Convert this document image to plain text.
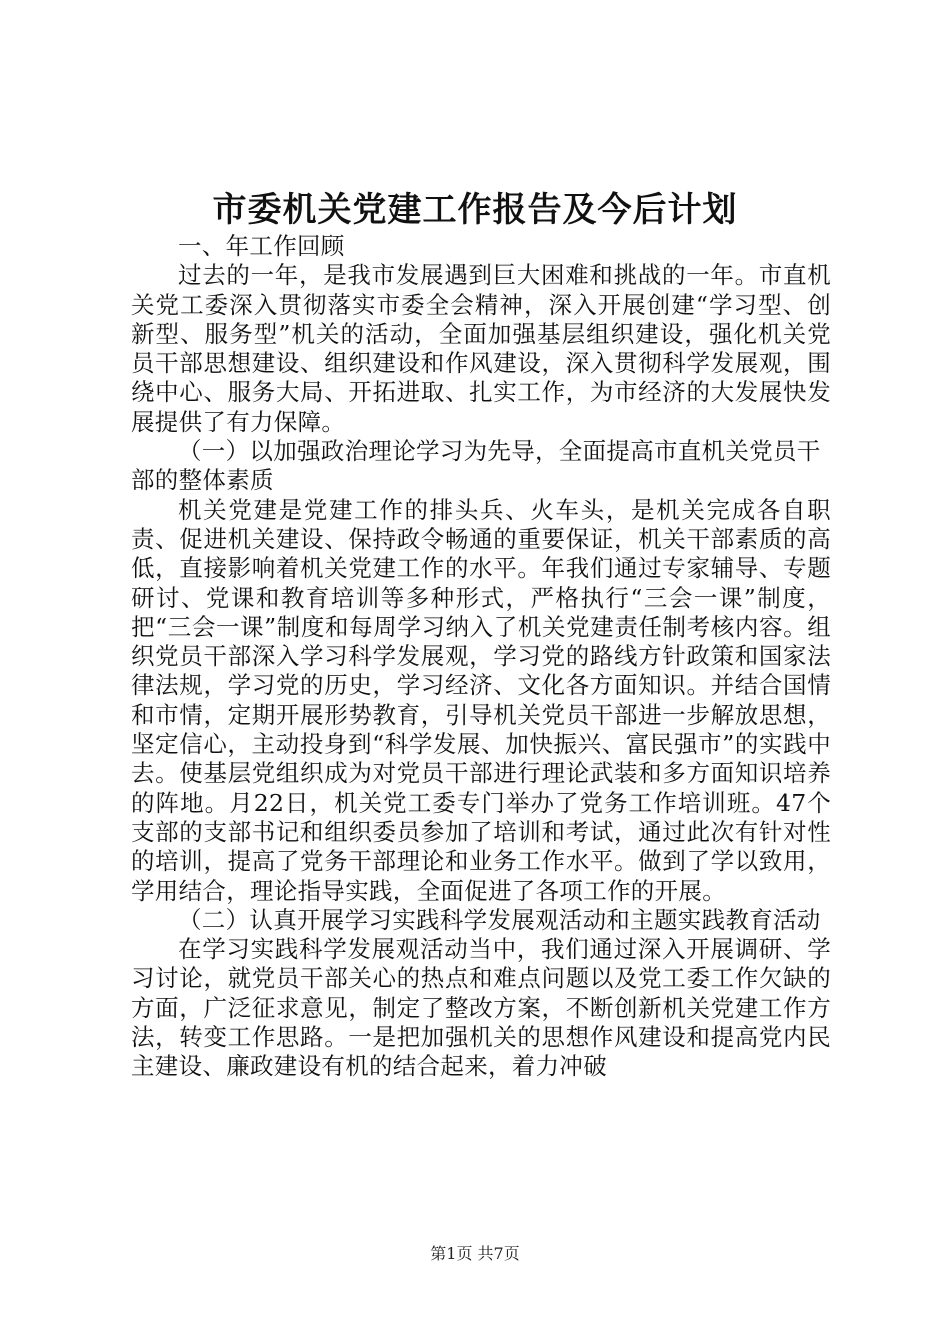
市委机关党建工作报告及今后计划

一、年工作回顾

过去的一年，是我市发展遇到巨大困难和挑战的一年。市直机关党工委深入贯彻落实市委全会精神，深入开展创建“学习型、创新型、服务型”机关的活动，全面加强基层组织建设，强化机关党员干部思想建设、组织建设和作风建设，深入贯彻科学发展观，围绕中心、服务大局、开拓进取、扎实工作，为市经济的大发展快发展提供了有力保障。

（一）以加强政治理论学习为先导，全面提高市直机关党员干部的整体素质

机关党建是党建工作的排头兵、火车头，是机关完成各自职责、促进机关建设、保持政令畅通的重要保证，机关干部素质的高低，直接影响着机关党建工作的水平。年我们通过专家辅导、专题研讨、党课和教育培训等多种形式，严格执行“三会一课”制度，把“三会一课”制度和每周学习纳入了机关党建责任制考核内容。组织党员干部深入学习科学发展观，学习党的路线方针政策和国家法律法规，学习党的历史，学习经济、文化各方面知识。并结合国情和市情，定期开展形势教育，引导机关党员干部进一步解放思想，坚定信心，主动投身到“科学发展、加快振兴、富民强市”的实践中去。使基层党组织成为对党员干部进行理论武装和多方面知识培养的阵地。月22日，机关党工委专门举办了党务工作培训班。47个支部的支部书记和组织委员参加了培训和考试，通过此次有针对性的培训，提高了党务干部理论和业务工作水平。做到了学以致用，学用结合，理论指导实践，全面促进了各项工作的开展。

（二）认真开展学习实践科学发展观活动和主题实践教育活动

在学习实践科学发展观活动当中，我们通过深入开展调研、学习讨论，就党员干部关心的热点和难点问题以及党工委工作欠缺的方面，广泛征求意见，制定了整改方案，不断创新机关党建工作方法，转变工作思路。一是把加强机关的思想作风建设和提高党内民主建设、廉政建设有机的结合起来，着力冲破

第1页 共7页
